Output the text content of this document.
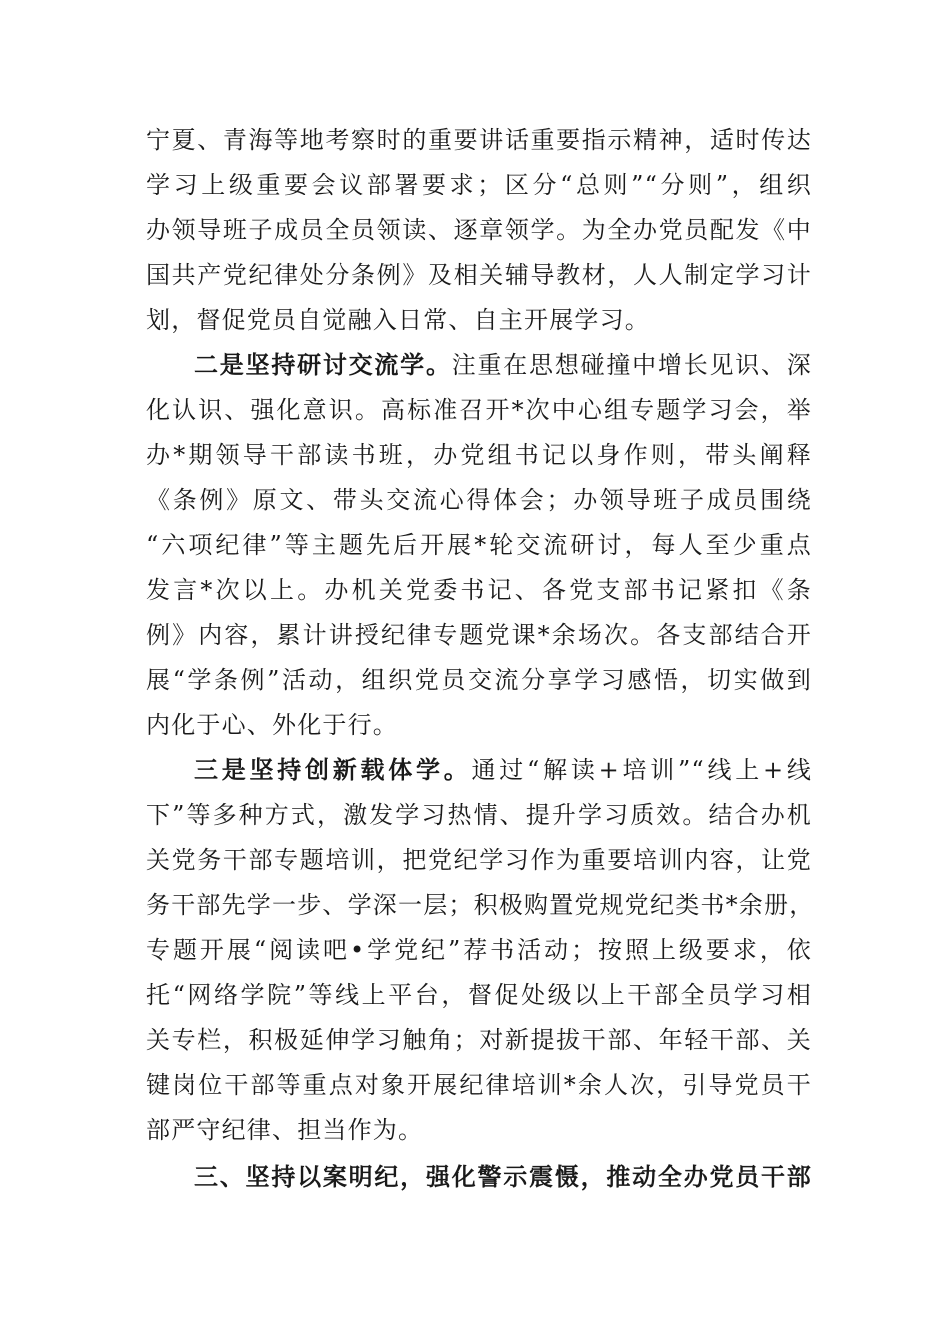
宁夏、青海等地考察时的重要讲话重要指示精神，适时传达
学习上级重要会议部署要求；区分“总则”“分则”，组织
办领导班子成员全员领读、逐章领学。为全办党员配发《中
国共产党纪律处分条例》及相关辅导教材，人人制定学习计
划，督促党员自觉融入日常、自主开展学习。
二是坚持研讨交流学。注重在思想碰撞中增长见识、深
化认识、强化意识。高标准召开*次中心组专题学习会，举
办*期领导干部读书班，办党组书记以身作则，带头阐释
《条例》原文、带头交流心得体会；办领导班子成员围绕
“六项纪律”等主题先后开展*轮交流研讨，每人至少重点
发言*次以上。办机关党委书记、各党支部书记紧扣《条
例》内容，累计讲授纪律专题党课*余场次。各支部结合开
展“学条例”活动，组织党员交流分享学习感悟，切实做到
内化于心、外化于行。
三是坚持创新载体学。通过“解读+培训”“线上+线
下”等多种方式，激发学习热情、提升学习质效。结合办机
关党务干部专题培训，把党纪学习作为重要培训内容，让党
务干部先学一步、学深一层；积极购置党规党纪类书*余册，
专题开展“阅读吧•学党纪”荐书活动；按照上级要求，依
托“网络学院”等线上平台，督促处级以上干部全员学习相
关专栏，积极延伸学习触角；对新提拔干部、年轻干部、关
键岗位干部等重点对象开展纪律培训*余人次，引导党员干
部严守纪律、担当作为。
三、坚持以案明纪，强化警示震慑，推动全办党员干部
